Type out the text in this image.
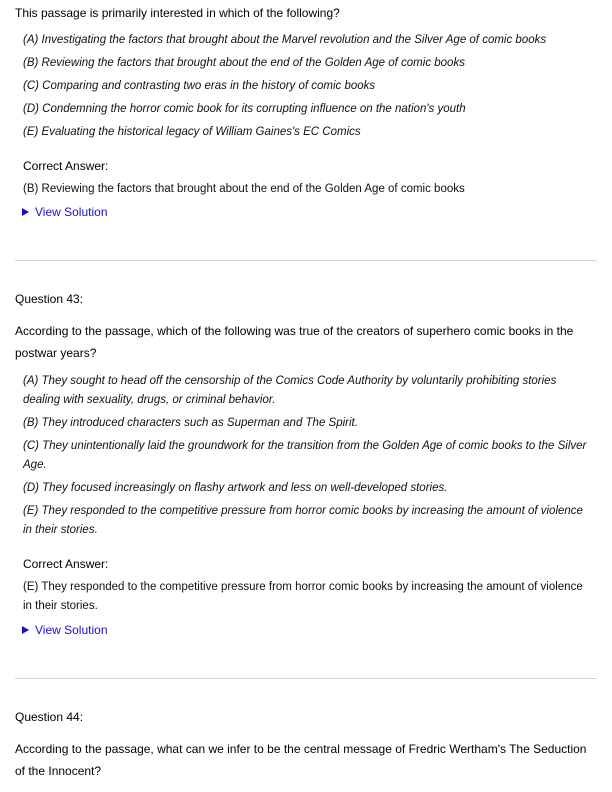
This passage is primarily interested in which of the following?
(A) Investigating the factors that brought about the Marvel revolution and the Silver Age of comic books
(B) Reviewing the factors that brought about the end of the Golden Age of comic books
(C) Comparing and contrasting two eras in the history of comic books
(D) Condemning the horror comic book for its corrupting influence on the nation's youth
(E) Evaluating the historical legacy of William Gaines's EC Comics
Correct Answer:
(B) Reviewing the factors that brought about the end of the Golden Age of comic books
View Solution
Question 43:
According to the passage, which of the following was true of the creators of superhero comic books in the postwar years?
(A) They sought to head off the censorship of the Comics Code Authority by voluntarily prohibiting stories dealing with sexuality, drugs, or criminal behavior.
(B) They introduced characters such as Superman and The Spirit.
(C) They unintentionally laid the groundwork for the transition from the Golden Age of comic books to the Silver Age.
(D) They focused increasingly on flashy artwork and less on well-developed stories.
(E) They responded to the competitive pressure from horror comic books by increasing the amount of violence in their stories.
Correct Answer:
(E) They responded to the competitive pressure from horror comic books by increasing the amount of violence in their stories.
View Solution
Question 44:
According to the passage, what can we infer to be the central message of Fredric Wertham's The Seduction of the Innocent?
